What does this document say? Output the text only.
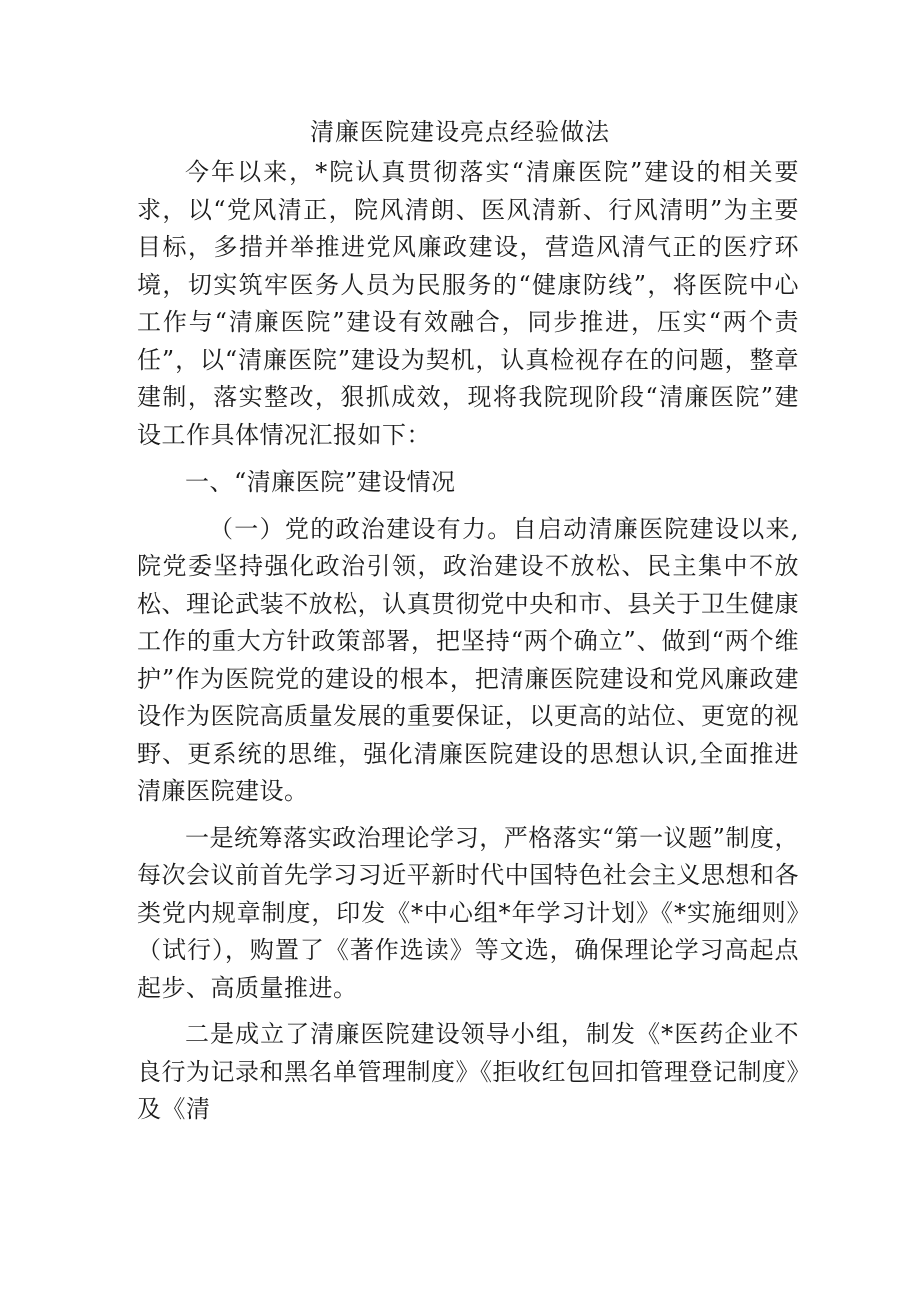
清廉医院建设亮点经验做法

今年以来，*院认真贯彻落实“清廉医院”建设的相关要求，以“党风清正，院风清朗、医风清新、行风清明”为主要目标，多措并举推进党风廉政建设，营造风清气正的医疗环境，切实筑牢医务人员为民服务的“健康防线”，将医院中心工作与“清廉医院”建设有效融合，同步推进，压实“两个责任”，以“清廉医院”建设为契机，认真检视存在的问题，整章建制，落实整改，狠抓成效，现将我院现阶段“清廉医院”建设工作具体情况汇报如下：

一、“清廉医院”建设情况

（一）党的政治建设有力。自启动清廉医院建设以来,院党委坚持强化政治引领，政治建设不放松、民主集中不放松、理论武装不放松，认真贯彻党中央和市、县关于卫生健康工作的重大方针政策部署，把坚持“两个确立”、做到“两个维护”作为医院党的建设的根本，把清廉医院建设和党风廉政建设作为医院高质量发展的重要保证，以更高的站位、更宽的视野、更系统的思维，强化清廉医院建设的思想认识,全面推进清廉医院建设。

一是统筹落实政治理论学习，严格落实“第一议题”制度，每次会议前首先学习习近平新时代中国特色社会主义思想和各类党内规章制度，印发《*中心组*年学习计划》《*实施细则》（试行），购置了《著作选读》等文选，确保理论学习高起点起步、高质量推进。

二是成立了清廉医院建设领导小组，制发《*医药企业不良行为记录和黑名单管理制度》《拒收红包回扣管理登记制度》及《清
